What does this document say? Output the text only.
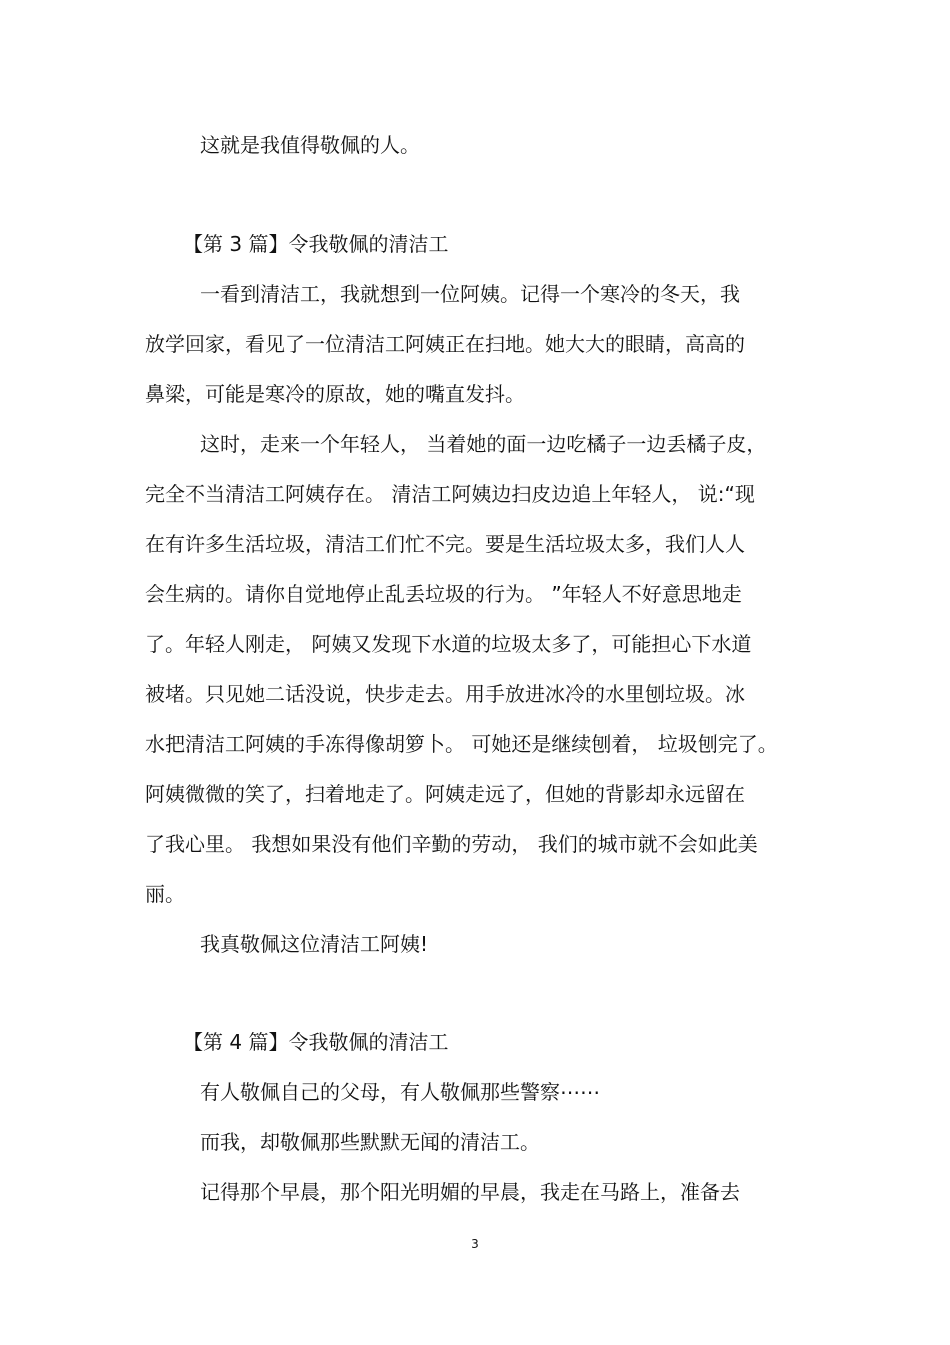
这就是我值得敬佩的人。

【第 3 篇】令我敬佩的清洁工

一看到清洁工，我就想到一位阿姨。记得一个寒冷的冬天，我

放学回家，看见了一位清洁工阿姨正在扫地。她大大的眼睛，高高的

鼻梁，可能是寒冷的原故，她的嘴直发抖。

这时，走来一个年轻人， 当着她的面一边吃橘子一边丢橘子皮，

完全不当清洁工阿姨存在。 清洁工阿姨边扫皮边追上年轻人， 说:“现

在有许多生活垃圾，清洁工们忙不完。要是生活垃圾太多，我们人人

会生病的。请你自觉地停止乱丢垃圾的行为。 ”年轻人不好意思地走

了。年轻人刚走， 阿姨又发现下水道的垃圾太多了，可能担心下水道

被堵。只见她二话没说，快步走去。用手放进冰冷的水里刨垃圾。冰

水把清洁工阿姨的手冻得像胡箩卜。 可她还是继续刨着， 垃圾刨完了。

阿姨微微的笑了，扫着地走了。阿姨走远了，但她的背影却永远留在

了我心里。 我想如果没有他们辛勤的劳动， 我们的城市就不会如此美

丽。

我真敬佩这位清洁工阿姨!

【第 4 篇】令我敬佩的清洁工

有人敬佩自己的父母，有人敬佩那些警察⋯⋯

而我，却敬佩那些默默无闻的清洁工。

记得那个早晨，那个阳光明媚的早晨，我走在马路上，准备去

3
